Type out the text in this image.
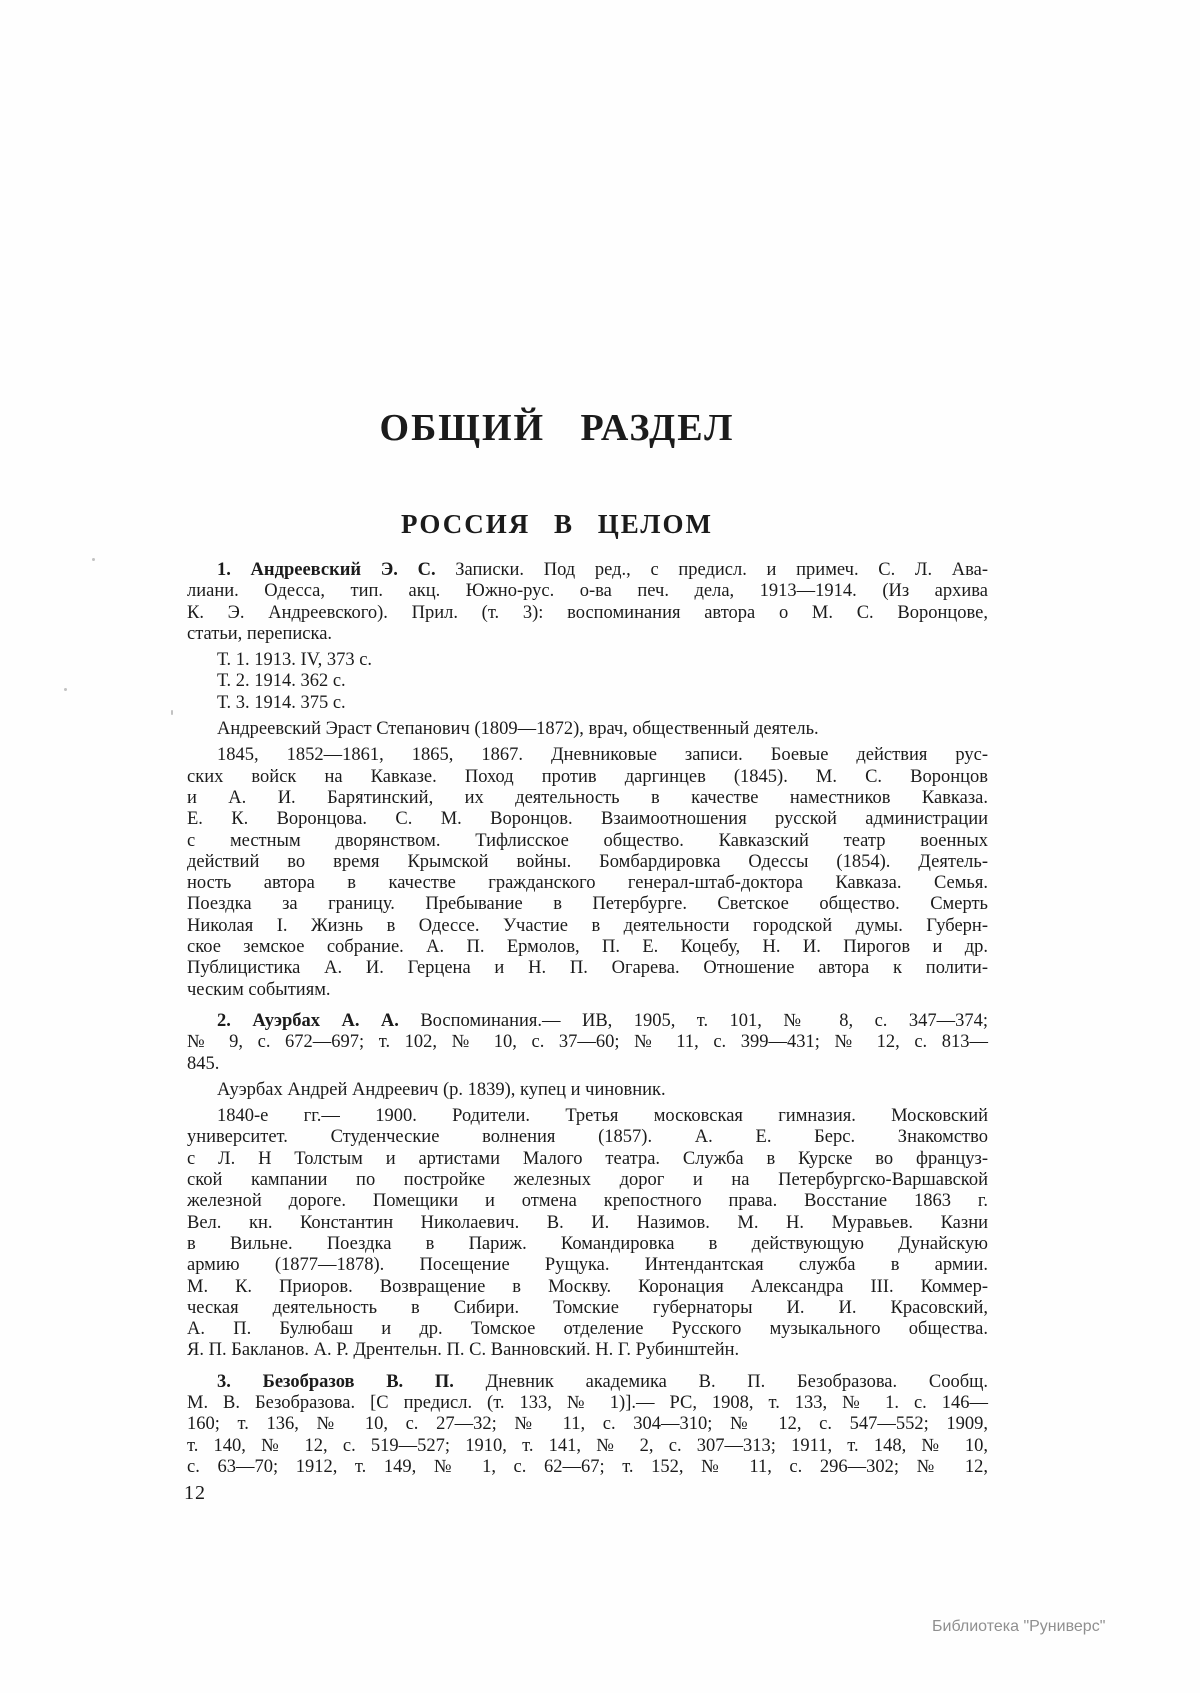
ОБЩИЙ РАЗДЕЛ
РОССИЯ В ЦЕЛОМ
1. Андреевский Э. С. Записки. Под ред., с предисл. и примеч. С. Л. Ава-
лиани. Одесса, тип. акц. Южно-рус. о-ва печ. дела, 1913—1914. (Из архива
К. Э. Андреевского). Прил. (т. 3): воспоминания автора о М. С. Воронцове,
статьи, переписка.
Т. 1. 1913. IV, 373 с.
Т. 2. 1914. 362 с.
Т. 3. 1914. 375 с.
Андреевский Эраст Степанович (1809—1872), врач, общественный деятель.
1845, 1852—1861, 1865, 1867. Дневниковые записи. Боевые действия рус-
ских войск на Кавказе. Поход против даргинцев (1845). М. С. Воронцов
и А. И. Барятинский, их деятельность в качестве наместников Кавказа.
Е. К. Воронцова. С. М. Воронцов. Взаимоотношения русской администрации
с местным дворянством. Тифлисское общество. Кавказский театр военных
действий во время Крымской войны. Бомбардировка Одессы (1854). Деятель-
ность автора в качестве гражданского генерал-штаб-доктора Кавказа. Семья.
Поездка за границу. Пребывание в Петербурге. Светское общество. Смерть
Николая I. Жизнь в Одессе. Участие в деятельности городской думы. Губерн-
ское земское собрание. А. П. Ермолов, П. Е. Коцебу, Н. И. Пирогов и др.
Публицистика А. И. Герцена и Н. П. Огарева. Отношение автора к полити-
ческим событиям.
2. Ауэрбах А. А. Воспоминания.— ИВ, 1905, т. 101, № 8, с. 347—374;
№ 9, с. 672—697; т. 102, № 10, с. 37—60; № 11, с. 399—431; № 12, с. 813—
845.
Ауэрбах Андрей Андреевич (р. 1839), купец и чиновник.
1840-е гг.— 1900. Родители. Третья московская гимназия. Московский
университет. Студенческие волнения (1857). А. Е. Берс. Знакомство
с Л. Н Толстым и артистами Малого театра. Служба в Курске во француз-
ской кампании по постройке железных дорог и на Петербургско-Варшавской
железной дороге. Помещики и отмена крепостного права. Восстание 1863 г.
Вел. кн. Константин Николаевич. В. И. Назимов. М. Н. Муравьев. Казни
в Вильне. Поездка в Париж. Командировка в действующую Дунайскую
армию (1877—1878). Посещение Рущука. Интендантская служба в армии.
М. К. Приоров. Возвращение в Москву. Коронация Александра III. Коммер-
ческая деятельность в Сибири. Томские губернаторы И. И. Красовский,
А. П. Булюбаш и др. Томское отделение Русского музыкального общества.
Я. П. Бакланов. А. Р. Дрентельн. П. С. Ванновский. Н. Г. Рубинштейн.
3. Безобразов В. П. Дневник академика В. П. Безобразова. Сообщ.
М. В. Безобразова. [С предисл. (т. 133, № 1)].— РС, 1908, т. 133, № 1. с. 146—
160; т. 136, № 10, с. 27—32; № 11, с. 304—310; № 12, с. 547—552; 1909,
т. 140, № 12, с. 519—527; 1910, т. 141, № 2, с. 307—313; 1911, т. 148, № 10,
с. 63—70; 1912, т. 149, № 1, с. 62—67; т. 152, № 11, с. 296—302; № 12,
12
Библиотека "Руниверс"
